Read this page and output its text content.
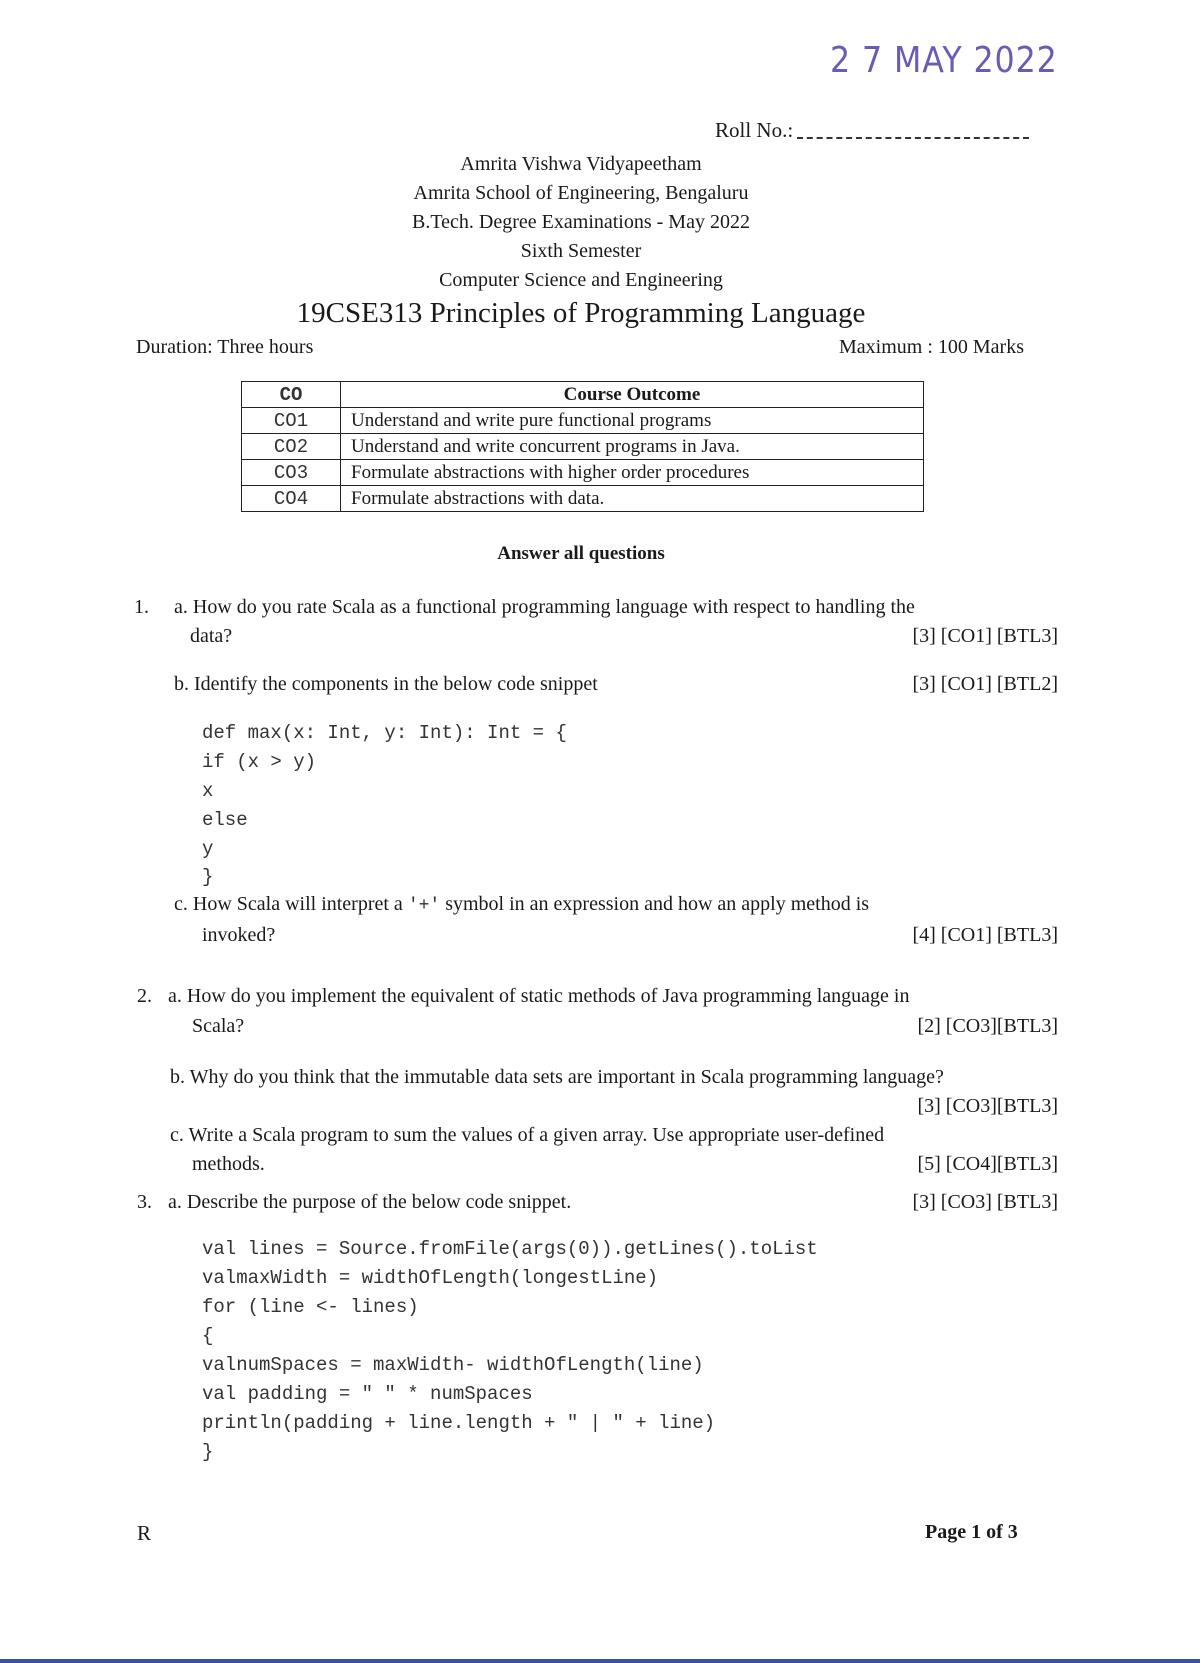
2 7 MAY 2022
Roll No.:
Amrita Vishwa Vidyapeetham
Amrita School of Engineering, Bengaluru
B.Tech. Degree Examinations - May 2022
Sixth Semester
Computer Science and Engineering
19CSE313 Principles of Programming Language
Duration: Three hours	Maximum : 100 Marks
CO	Course Outcome
CO1	Understand and write pure functional programs
CO2	Understand and write concurrent programs in Java.
CO3	Formulate abstractions with higher order procedures
CO4	Formulate abstractions with data.
Answer all questions
1. a. How do you rate Scala as a functional programming language with respect to handling the
data?	[3] [CO1] [BTL3]
b. Identify the components in the below code snippet	[3] [CO1] [BTL2]
def max(x: Int, y: Int): Int = {
if (x > y)
x
else
y
}
c. How Scala will interpret a '+' symbol in an expression and how an apply method is
invoked?	[4] [CO1] [BTL3]
2. a. How do you implement the equivalent of static methods of Java programming language in
Scala?	[2] [CO3][BTL3]
b. Why do you think that the immutable data sets are important in Scala programming language?
[3] [CO3][BTL3]
c. Write a Scala program to sum the values of a given array. Use appropriate user-defined
methods.	[5] [CO4][BTL3]
3. a. Describe the purpose of the below code snippet.	[3] [CO3] [BTL3]
val lines = Source.fromFile(args(0)).getLines().toList
valmaxWidth = widthOfLength(longestLine)
for (line <- lines)
{
valnumSpaces = maxWidth- widthOfLength(line)
val padding = " " * numSpaces
println(padding + line.length + " | " + line)
}
R	Page 1 of 3
